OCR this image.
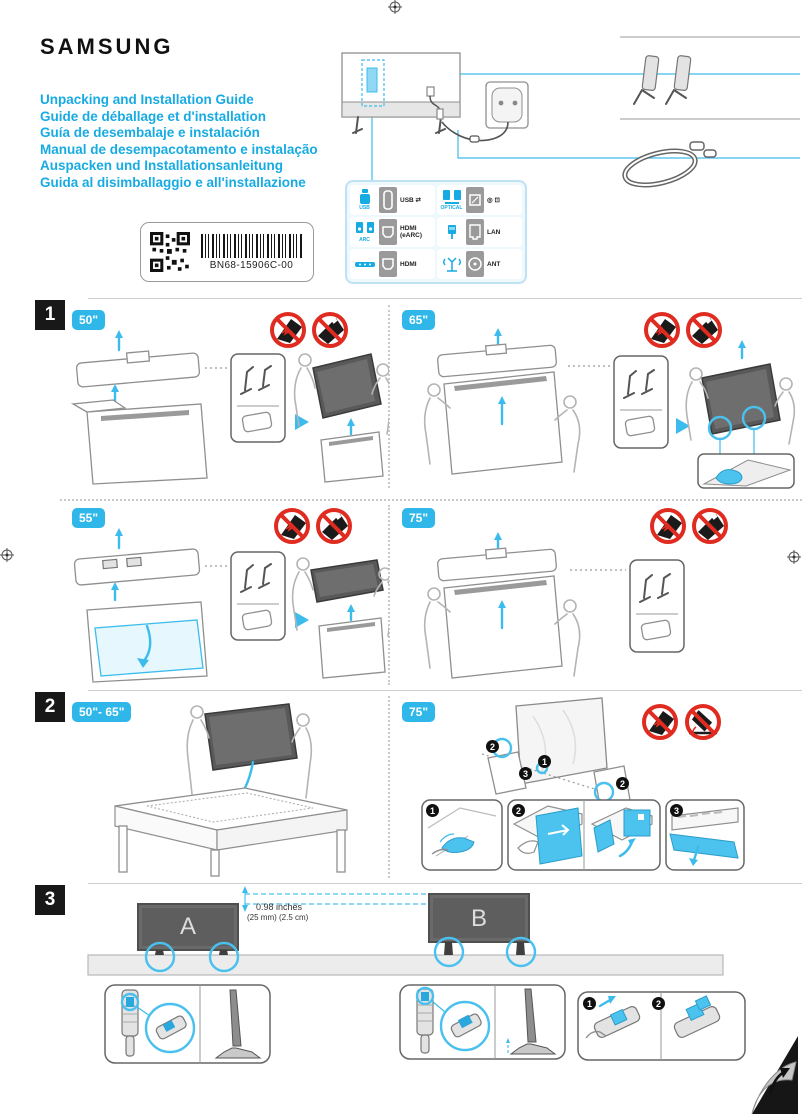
SAMSUNG
Unpacking and Installation Guide
Guide de déballage et d'installation
Guía de desembalaje e instalación
Manual de desempacotamento e instalação
Auspacken und Installationsanleitung
Guida al disimballaggio e all'installazione
BN68-15906C-00
USB
USB ⇄
OPTICAL
◎ ⊡
ARC
HDMI (eARC)	LAN
HDMI	ANT
1	50"	65"
55"	75"
2	50"- 65"	75"
2
1
3
2
1	2	3
3
A	B
0.98 inches
(25 mm) (2.5 cm)
1	2
